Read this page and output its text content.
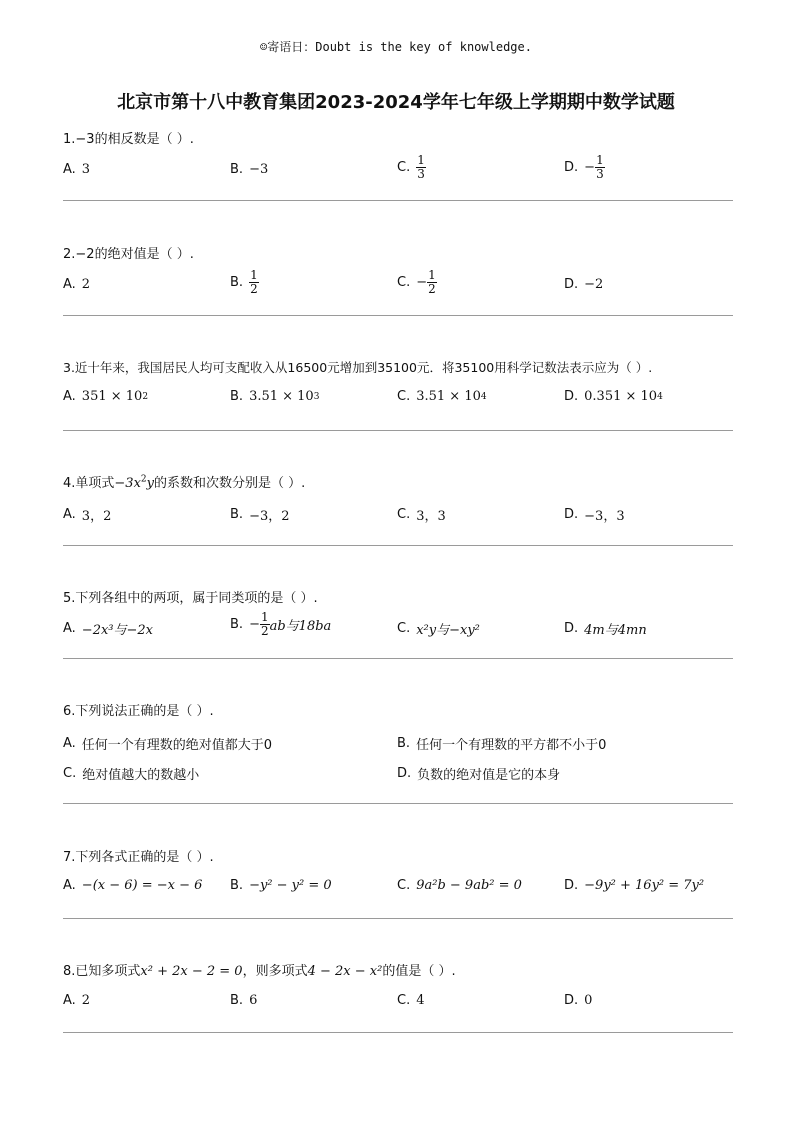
☺寄语日：Doubt is the key of knowledge.
北京市第十八中教育集团2023-2024学年七年级上学期期中数学试题
1.−3的相反数是（ ）.
A. 3	B. −3	C. $\frac{1}{3}$	D. − $\frac{1}{3}$
2.−2的绝对值是（ ）.
A. 2	B. $\frac{1}{2}$	C. − $\frac{1}{2}$	D. −2
3.近十年来，我国居民人均可支配收入从16500元增加到35100元．将35100用科学记数法表示应为（ ）.
A. 351 × 10 2	B. 3.51 × 10 3	C. 3.51 × 10 4	D. 0.351 × 10 4
4.单项式$-3x^2y$的系数和次数分别是（ ）.
A. 3，2	B. −3，2	C. 3，3	D. −3，3
5.下列各组中的两项，属于同类项的是（ ）.
A. −2x³与−2x	B. − $\frac{1}{2}$ ab与18ba	C. x²y与−xy²	D. 4m与4mn
6.下列说法正确的是（ ）.
A. 任何一个有理数的绝对值都大于0	B. 任何一个有理数的平方都不小于0
C. 绝对值越大的数越小	D. 负数的绝对值是它的本身
7.下列各式正确的是（ ）.
A. −(x − 6) = −x − 6 B. −y² − y² = 0	C. 9a²b − 9ab² = 0	D. −9y² + 16y² = 7y²
8.已知多项式x² + 2x − 2 = 0，则多项式4 − 2x − x²的值是（ ）.
A. 2	B. 6	C. 4	D. 0
